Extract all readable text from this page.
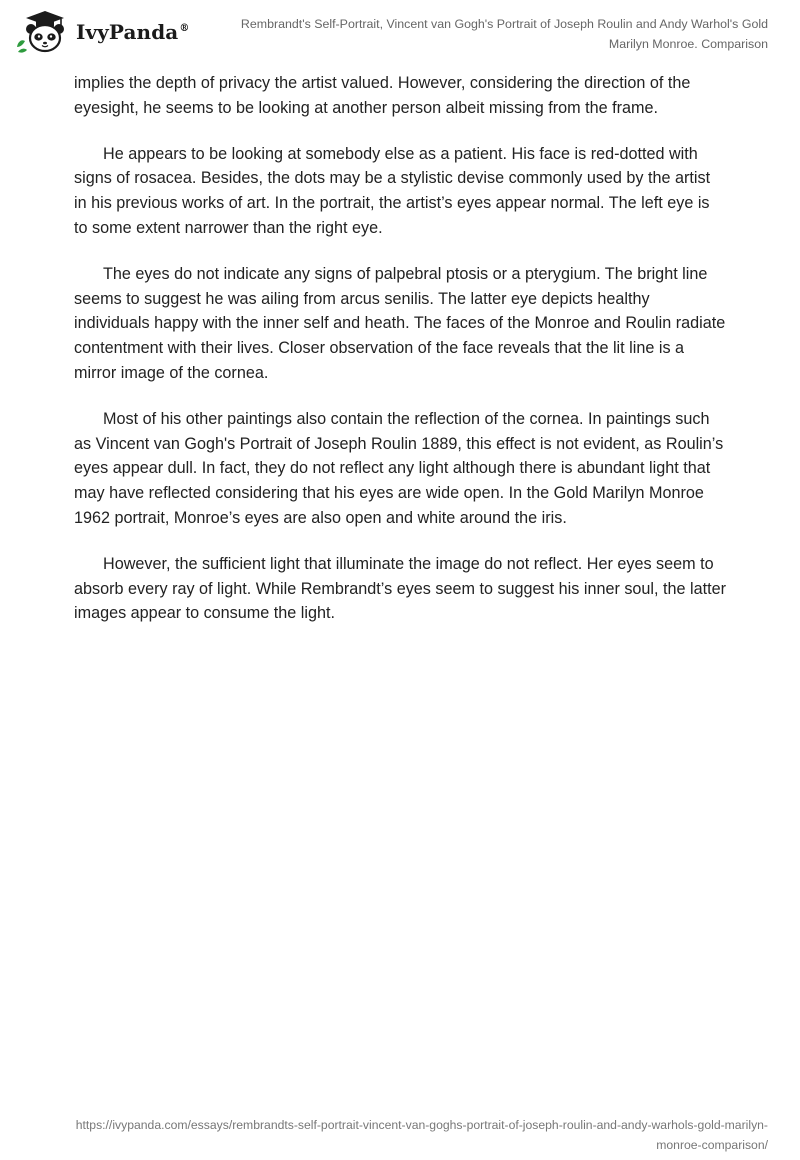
IvyPanda®	Rembrandt's Self-Portrait, Vincent van Gogh's Portrait of Joseph Roulin and Andy Warhol's Gold Marilyn Monroe. Comparison

implies the depth of privacy the artist valued. However, considering the direction of the eyesight, he seems to be looking at another person albeit missing from the frame.

He appears to be looking at somebody else as a patient. His face is red-dotted with signs of rosacea. Besides, the dots may be a stylistic devise commonly used by the artist in his previous works of art. In the portrait, the artist’s eyes appear normal. The left eye is to some extent narrower than the right eye.

The eyes do not indicate any signs of palpebral ptosis or a pterygium. The bright line seems to suggest he was ailing from arcus senilis. The latter eye depicts healthy individuals happy with the inner self and heath. The faces of the Monroe and Roulin radiate contentment with their lives. Closer observation of the face reveals that the lit line is a mirror image of the cornea.

Most of his other paintings also contain the reflection of the cornea. In paintings such as Vincent van Gogh's Portrait of Joseph Roulin 1889, this effect is not evident, as Roulin’s eyes appear dull. In fact, they do not reflect any light although there is abundant light that may have reflected considering that his eyes are wide open. In the Gold Marilyn Monroe 1962 portrait, Monroe’s eyes are also open and white around the iris.

However, the sufficient light that illuminate the image do not reflect. Her eyes seem to absorb every ray of light. While Rembrandt’s eyes seem to suggest his inner soul, the latter images appear to consume the light.

https://ivypanda.com/essays/rembrandts-self-portrait-vincent-van-goghs-portrait-of-joseph-roulin-and-andy-warhols-gold-marilyn-monroe-comparison/
